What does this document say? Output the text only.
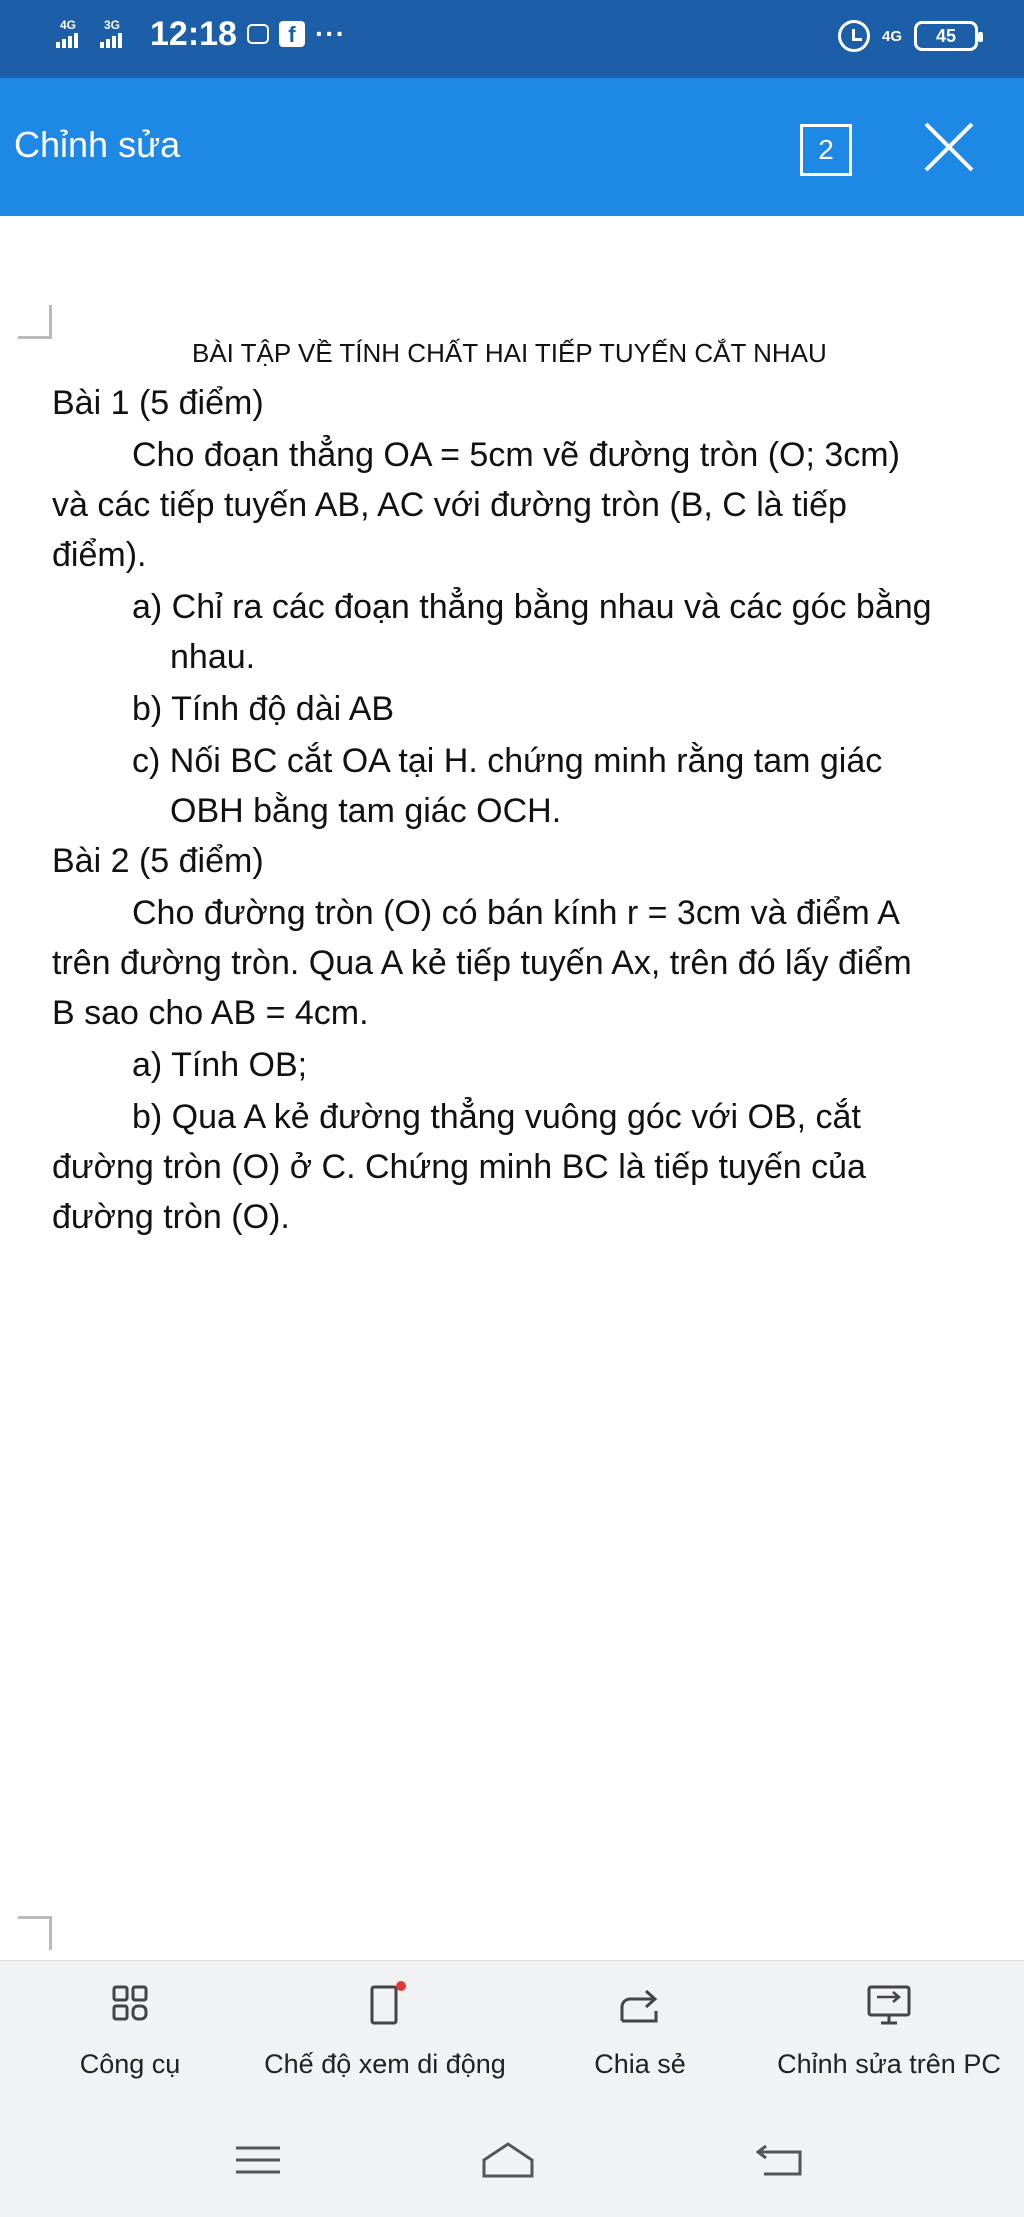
4G 3G 12:18	f ···	4G	45
Chỉnh sửa	2

BÀI TẬP VỀ TÍNH CHẤT HAI TIẾP TUYẾN CẮT NHAU

Bài 1 (5 điểm)

Cho đoạn thẳng OA = 5cm vẽ đường tròn (O; 3cm)

và các tiếp tuyến AB, AC với đường tròn (B, C là tiếp

điểm).

a) Chỉ ra các đoạn thẳng bằng nhau và các góc bằng

nhau.

b) Tính độ dài AB

c) Nối BC cắt OA tại H. chứng minh rằng tam giác

OBH bằng tam giác OCH.

Bài 2 (5 điểm)

Cho đường tròn (O) có bán kính r = 3cm và điểm A

trên đường tròn. Qua A kẻ tiếp tuyến Ax, trên đó lấy điểm

B sao cho AB = 4cm.

a) Tính OB;

b) Qua A kẻ đường thẳng vuông góc với OB, cắt

đường tròn (O) ở C. Chứng minh BC là tiếp tuyến của

đường tròn (O).

Công cụ	Chế độ xem di động	Chia sẻ	Chỉnh sửa trên PC
